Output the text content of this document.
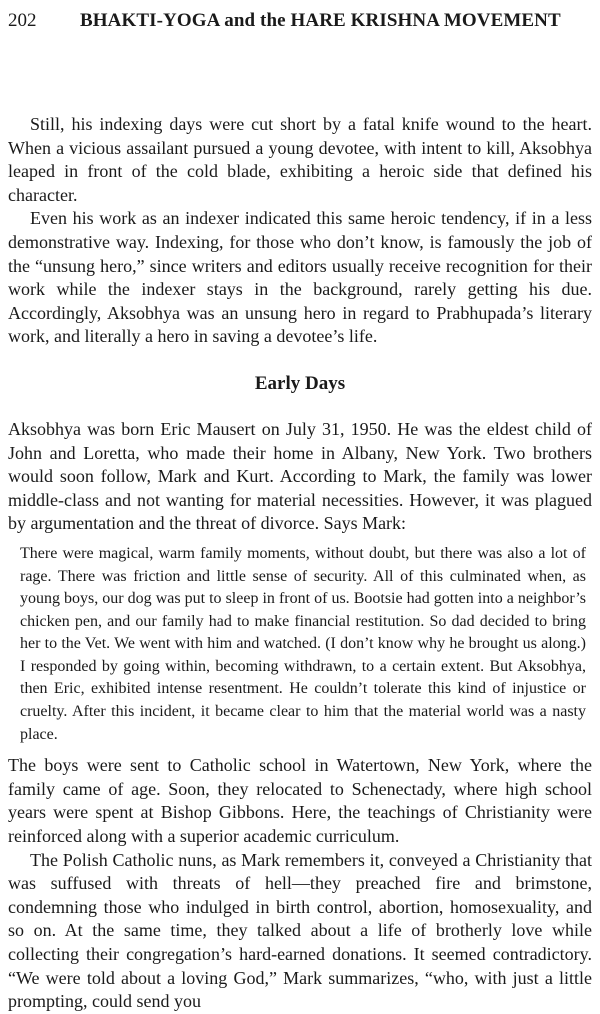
202 BHAKTI-YOGA and the HARE KRISHNA MOVEMENT

Still, his indexing days were cut short by a fatal knife wound to the heart. When a vicious assailant pursued a young devotee, with intent to kill, Aksobhya leaped in front of the cold blade, exhibiting a heroic side that defined his character.

Even his work as an indexer indicated this same heroic tendency, if in a less demonstrative way. Indexing, for those who don’t know, is famously the job of the “unsung hero,” since writers and editors usually receive recognition for their work while the indexer stays in the background, rarely getting his due. Accordingly, Aksobhya was an unsung hero in regard to Prabhupada’s literary work, and literally a hero in saving a devotee’s life.

Early Days

Aksobhya was born Eric Mausert on July 31, 1950. He was the eldest child of John and Loretta, who made their home in Albany, New York. Two brothers would soon follow, Mark and Kurt. According to Mark, the family was lower middle-class and not wanting for material necessities. However, it was plagued by argumentation and the threat of divorce. Says Mark:

There were magical, warm family moments, without doubt, but there was also a lot of rage. There was friction and little sense of security. All of this culminated when, as young boys, our dog was put to sleep in front of us. Bootsie had gotten into a neighbor’s chicken pen, and our family had to make financial restitution. So dad decided to bring her to the Vet. We went with him and watched. (I don’t know why he brought us along.) I responded by going within, becoming withdrawn, to a certain extent. But Aksobhya, then Eric, exhibited intense resentment. He couldn’t tolerate this kind of injustice or cruelty. After this incident, it became clear to him that the material world was a nasty place.

The boys were sent to Catholic school in Watertown, New York, where the family came of age. Soon, they relocated to Schenectady, where high school years were spent at Bishop Gibbons. Here, the teachings of Christianity were reinforced along with a superior academic curriculum.

The Polish Catholic nuns, as Mark remembers it, conveyed a Christianity that was suffused with threats of hell—they preached fire and brimstone, condemning those who indulged in birth control, abortion, homosexuality, and so on. At the same time, they talked about a life of brotherly love while collecting their congregation’s hard-earned donations. It seemed contradictory. “We were told about a loving God,” Mark summarizes, “who, with just a little prompting, could send you
